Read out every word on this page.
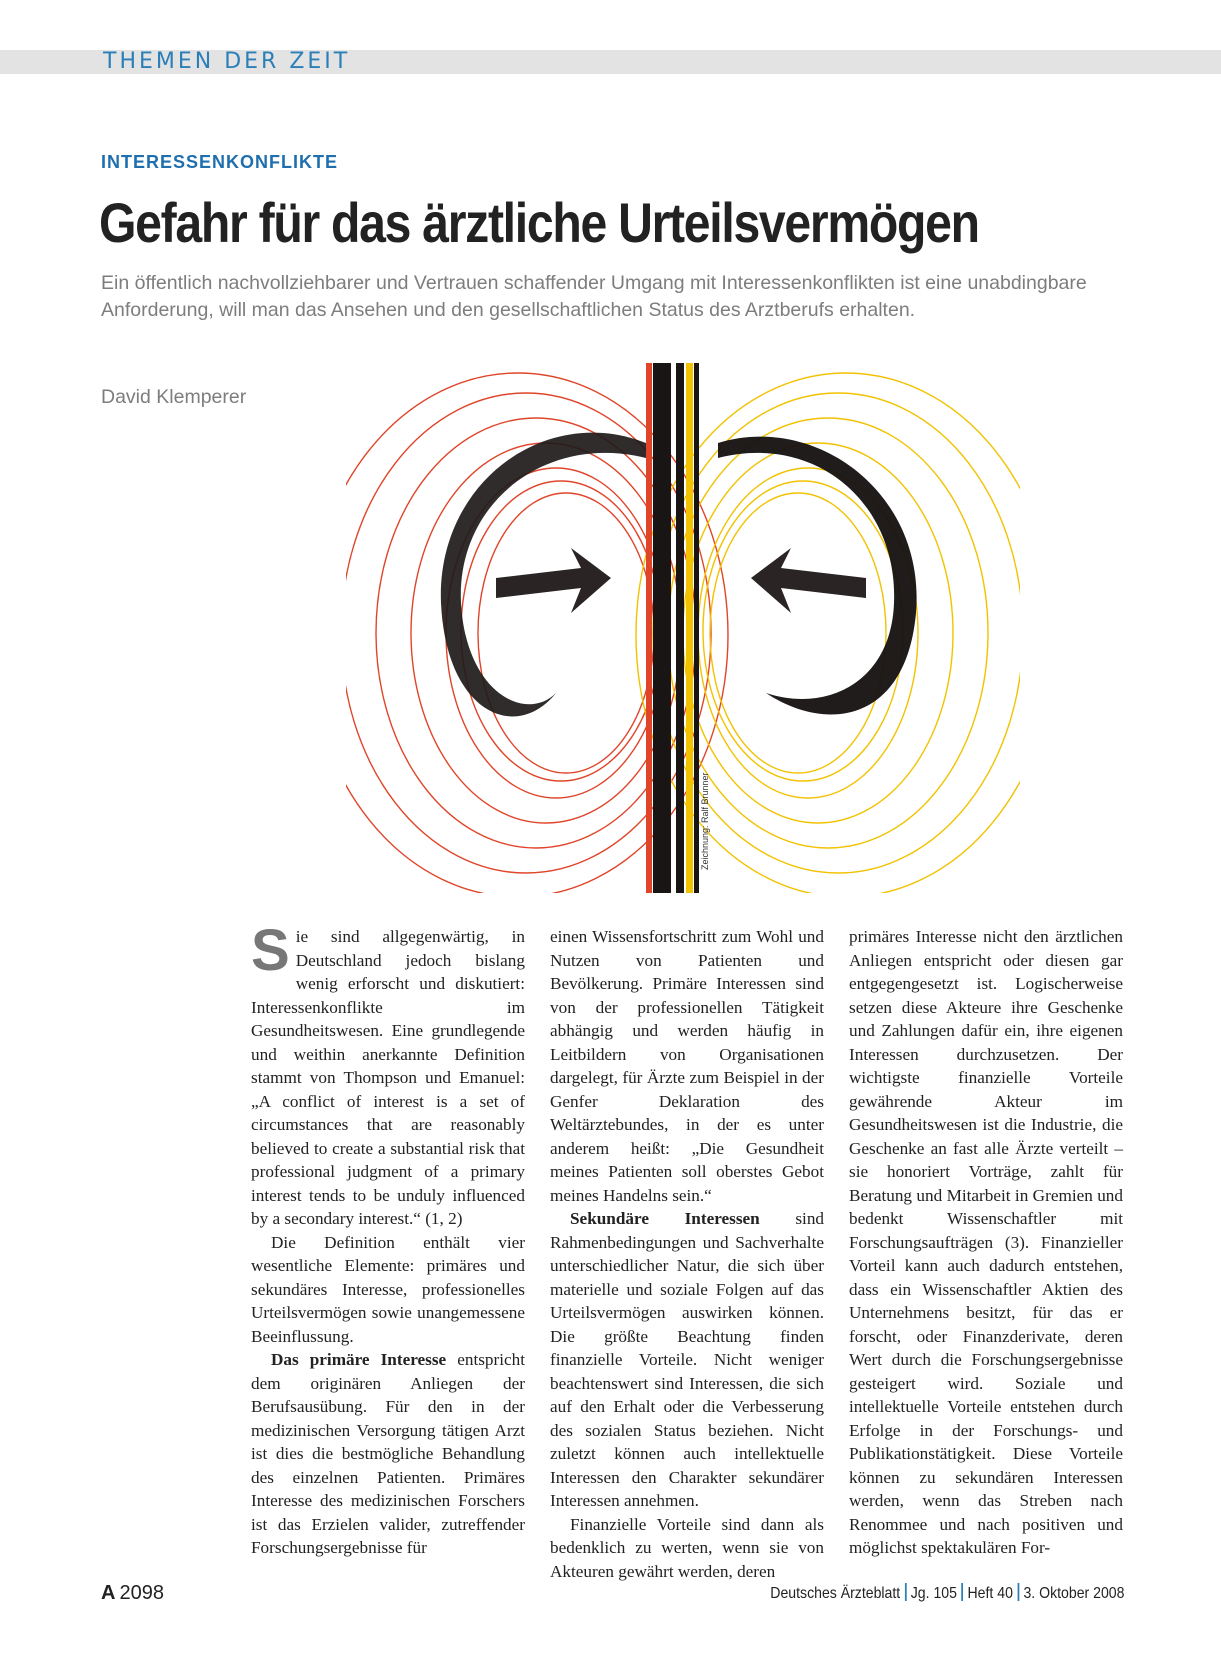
THEMEN DER ZEIT
INTERESSENKONFLIKTE
Gefahr für das ärztliche Urteilsvermögen
Ein öffentlich nachvollziehbarer und Vertrauen schaffender Umgang mit Interessenkonflikten ist eine unabdingbare Anforderung, will man das Ansehen und den gesellschaftlichen Status des Arztberufs erhalten.
David Klemperer
Zeichnung: Ralf Brunner

Sie sind allgegenwärtig, in Deutschland jedoch bislang wenig erforscht und diskutiert: Interessenkonflikte im Gesundheitswesen. Eine grundlegende und weithin anerkannte Definition stammt von Thompson und Emanuel: „A conflict of interest is a set of circumstances that are reasonably believed to create a substantial risk that professional judgment of a primary interest tends to be unduly influenced by a secondary interest.“ (1, 2)

Die Definition enthält vier wesentliche Elemente: primäres und sekundäres Interesse, professionelles Urteilsvermögen sowie unangemessene Beeinflussung.

Das primäre Interesse entspricht dem originären Anliegen der Berufsausübung. Für den in der medizinischen Versorgung tätigen Arzt ist dies die bestmögliche Behandlung des einzelnen Patienten. Primäres Interesse des medizinischen Forschers ist das Erzielen valider, zutreffender Forschungsergebnisse für

einen Wissensfortschritt zum Wohl und Nutzen von Patienten und Bevölkerung. Primäre Interessen sind von der professionellen Tätigkeit abhängig und werden häufig in Leitbildern von Organisationen dargelegt, für Ärzte zum Beispiel in der Genfer Deklaration des Weltärztebundes, in der es unter anderem heißt: „Die Gesundheit meines Patienten soll oberstes Gebot meines Handelns sein.“

Sekundäre Interessen sind Rahmenbedingungen und Sachverhalte unterschiedlicher Natur, die sich über materielle und soziale Folgen auf das Urteilsvermögen auswirken können. Die größte Beachtung finden finanzielle Vorteile. Nicht weniger beachtenswert sind Interessen, die sich auf den Erhalt oder die Verbesserung des sozialen Status beziehen. Nicht zuletzt können auch intellektuelle Interessen den Charakter sekundärer Interessen annehmen.

Finanzielle Vorteile sind dann als bedenklich zu werten, wenn sie von Akteuren gewährt werden, deren

primäres Interesse nicht den ärztlichen Anliegen entspricht oder diesen gar entgegengesetzt ist. Logischerweise setzen diese Akteure ihre Geschenke und Zahlungen dafür ein, ihre eigenen Interessen durchzusetzen. Der wichtigste finanzielle Vorteile gewährende Akteur im Gesundheitswesen ist die Industrie, die Geschenke an fast alle Ärzte verteilt – sie honoriert Vorträge, zahlt für Beratung und Mitarbeit in Gremien und bedenkt Wissenschaftler mit Forschungsaufträgen (3). Finanzieller Vorteil kann auch dadurch entstehen, dass ein Wissenschaftler Aktien des Unternehmens besitzt, für das er forscht, oder Finanzderivate, deren Wert durch die Forschungsergebnisse gesteigert wird. Soziale und intellektuelle Vorteile entstehen durch Erfolge in der Forschungs- und Publikationstätigkeit. Diese Vorteile können zu sekundären Interessen werden, wenn das Streben nach Renommee und nach positiven und möglichst spektakulären For-

A 2098	Deutsches Ärzteblatt Jg. 105 Heft 40 3. Oktober 2008
